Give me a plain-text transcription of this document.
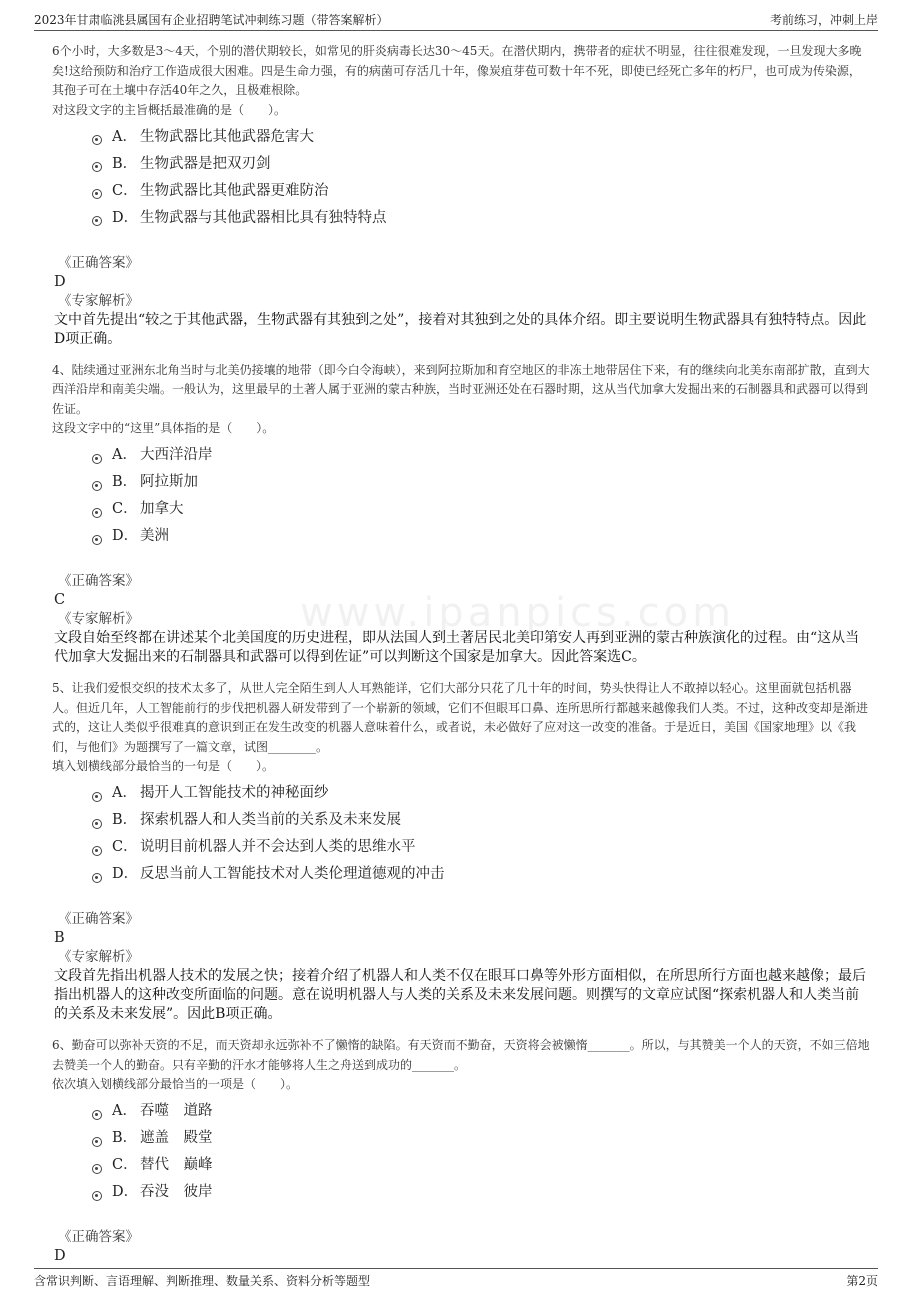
2023年甘肃临洮县属国有企业招聘笔试冲刺练习题（带答案解析）	考前练习，冲刺上岸
www.ipanpics.com
6个小时，大多数是3～4天，个别的潜伏期较长，如常见的肝炎病毒长达30～45天。在潜伏期内，携带者的症状不明显，往往很难发现，一旦发现大多晚矣!这给预防和治疗工作造成很大困难。四是生命力强，有的病菌可存活几十年，像炭疽芽苞可数十年不死，即使已经死亡多年的朽尸，也可成为传染源，其孢子可在土壤中存活40年之久，且极难根除。
对这段文字的主旨概括最准确的是（　　）。
A． 生物武器比其他武器危害大
B． 生物武器是把双刃剑
C． 生物武器比其他武器更难防治
D． 生物武器与其他武器相比具有独特特点
《正确答案》
D
《专家解析》
文中首先提出“较之于其他武器，生物武器有其独到之处”，接着对其独到之处的具体介绍。即主要说明生物武器具有独特特点。因此D项正确。
4、陆续通过亚洲东北角当时与北美仍接壤的地带（即今白令海峡），来到阿拉斯加和育空地区的非冻土地带居住下来，有的继续向北美东南部扩散，直到大西洋沿岸和南美尖端。一般认为，这里最早的土著人属于亚洲的蒙古种族，当时亚洲还处在石器时期，这从当代加拿大发掘出来的石制器具和武器可以得到佐证。
这段文字中的“这里”具体指的是（　　）。
A． 大西洋沿岸
B． 阿拉斯加
C． 加拿大
D． 美洲
《正确答案》
C
《专家解析》
文段自始至终都在讲述某个北美国度的历史进程，即从法国人到土著居民北美印第安人再到亚洲的蒙古种族演化的过程。由“这从当代加拿大发掘出来的石制器具和武器可以得到佐证”可以判断这个国家是加拿大。因此答案选C。
5、让我们爱恨交织的技术太多了，从世人完全陌生到人人耳熟能详，它们大部分只花了几十年的时间，势头快得让人不敢掉以轻心。这里面就包括机器人。但近几年，人工智能前行的步伐把机器人研发带到了一个崭新的领域，它们不但眼耳口鼻、连所思所行都越来越像我们人类。不过，这种改变却是渐进式的，这让人类似乎很难真的意识到正在发生改变的机器人意味着什么，或者说，未必做好了应对这一改变的准备。于是近日，美国《国家地理》以《我们，与他们》为题撰写了一篇文章，试图________。
填入划横线部分最恰当的一句是（　　）。
A． 揭开人工智能技术的神秘面纱
B． 探索机器人和人类当前的关系及未来发展
C． 说明目前机器人并不会达到人类的思维水平
D． 反思当前人工智能技术对人类伦理道德观的冲击
《正确答案》
B
《专家解析》
文段首先指出机器人技术的发展之快；接着介绍了机器人和人类不仅在眼耳口鼻等外形方面相似，在所思所行方面也越来越像；最后指出机器人的这种改变所面临的问题。意在说明机器人与人类的关系及未来发展问题。则撰写的文章应试图“探索机器人和人类当前的关系及未来发展”。因此B项正确。
6、勤奋可以弥补天资的不足，而天资却永远弥补不了懒惰的缺陷。有天资而不勤奋，天资将会被懒惰_______。所以，与其赞美一个人的天资，不如三倍地去赞美一个人的勤奋。只有辛勤的汗水才能够将人生之舟送到成功的_______。
依次填入划横线部分最恰当的一项是（　　）。
A． 吞噬　道路
B． 遮盖　殿堂
C． 替代　巅峰
D． 吞没　彼岸
《正确答案》
D
含常识判断、言语理解、判断推理、数量关系、资料分析等题型	第2页
